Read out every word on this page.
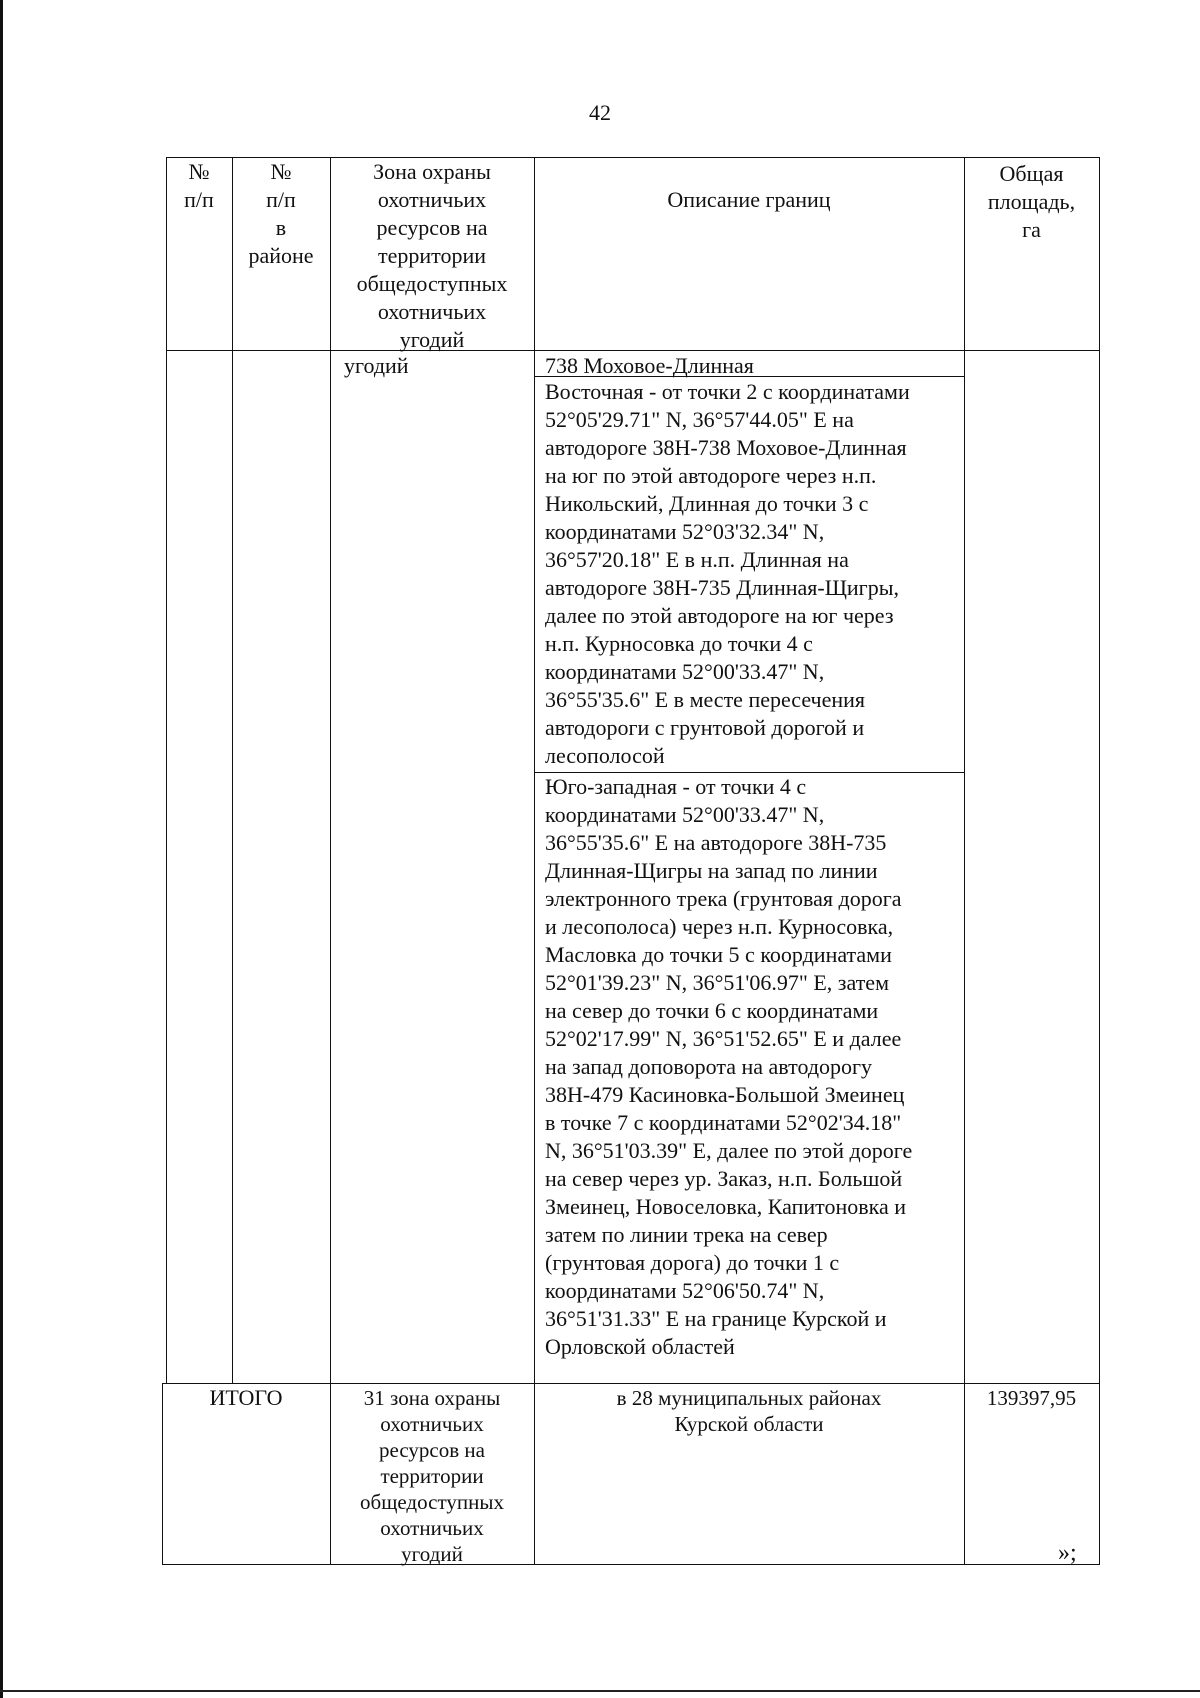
42
№
п/п
№
п/п
в
районе
Зона охраны
охотничьих
ресурсов на
территории
общедоступных
охотничьих
угодий
Описание границ
Общая
площадь,
га
угодий	738 Моховое-Длинная
Восточная - от точки 2 с координатами
52°05'29.71" N, 36°57'44.05" E на
автодороге 38Н-738 Моховое-Длинная
на юг по этой автодороге через н.п.
Никольский, Длинная до точки 3 с
координатами 52°03'32.34" N,
36°57'20.18" E в н.п. Длинная на
автодороге 38Н-735 Длинная-Щигры,
далее по этой автодороге на юг через
н.п. Курносовка до точки 4 с
координатами 52°00'33.47" N,
36°55'35.6" E в месте пересечения
автодороги с грунтовой дорогой и
лесополосой
Юго-западная - от точки 4 с
координатами 52°00'33.47" N,
36°55'35.6" E на автодороге 38Н-735
Длинная-Щигры на запад по линии
электронного трека (грунтовая дорога
и лесополоса) через н.п. Курносовка,
Масловка до точки 5 с координатами
52°01'39.23" N, 36°51'06.97" E, затем
на север до точки 6 с координатами
52°02'17.99" N, 36°51'52.65" E и далее
на запад доповорота на автодорогу
38Н-479 Касиновка-Большой Змеинец
в точке 7 с координатами 52°02'34.18"
N, 36°51'03.39" E, далее по этой дороге
на север через ур. Заказ, н.п. Большой
Змеинец, Новоселовка, Капитоновка и
затем по линии трека на север
(грунтовая дорога) до точки 1 с
координатами 52°06'50.74" N,
36°51'31.33" E на границе Курской и
Орловской областей
ИТОГО	31 зона охраны
охотничьих
ресурсов на
территории
общедоступных
охотничьих
угодий
в 28 муниципальных районах
Курской области
139397,95
»;
